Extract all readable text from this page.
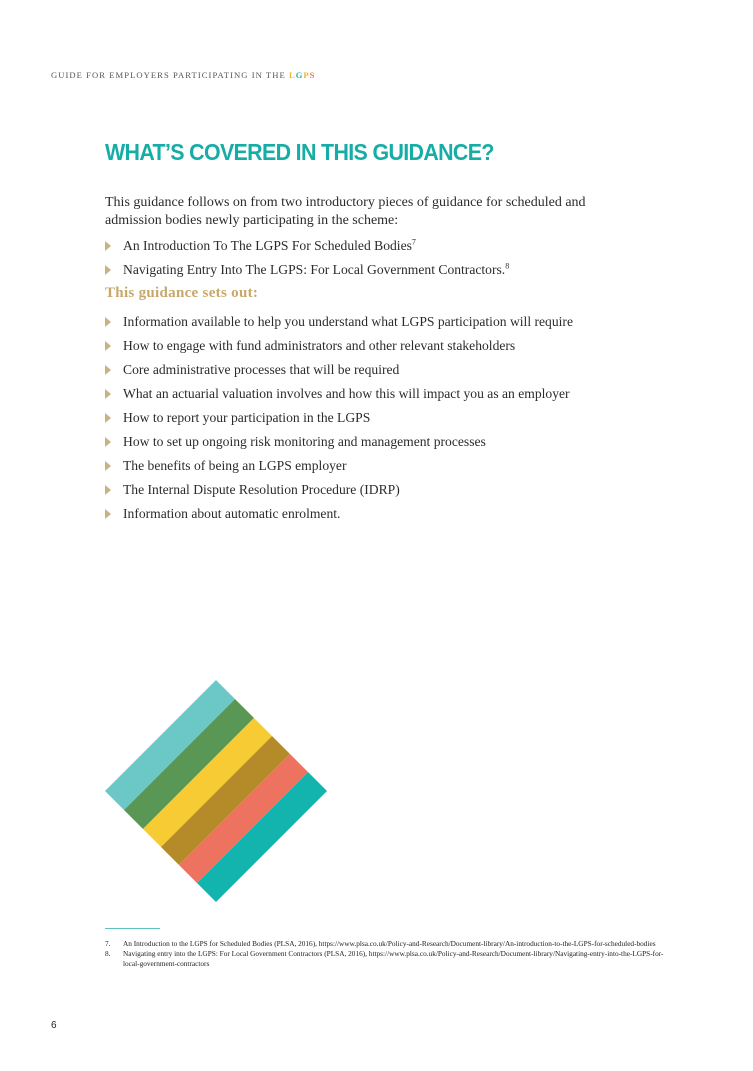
GUIDE FOR EMPLOYERS PARTICIPATING IN THE LGPS
WHAT’S COVERED IN THIS GUIDANCE?

This guidance follows on from two introductory pieces of guidance for scheduled and admission bodies newly participating in the scheme:

An Introduction To The LGPS For Scheduled Bodies$^7$
Navigating Entry Into The LGPS: For Local Government Contractors.$^8$
This guidance sets out:
Information available to help you understand what LGPS participation will require
How to engage with fund administrators and other relevant stakeholders
Core administrative processes that will be required
What an actuarial valuation involves and how this will impact you as an employer
How to report your participation in the LGPS
How to set up ongoing risk monitoring and management processes
The benefits of being an LGPS employer
The Internal Dispute Resolution Procedure (IDRP)
Information about automatic enrolment.
7. An Introduction to the LGPS for Scheduled Bodies (PLSA, 2016), https://www.plsa.co.uk/Policy-and-Research/Document-library/An-introduction-to-the-LGPS-for-scheduled-bodies
8. Navigating entry into the LGPS: For Local Government Contractors (PLSA, 2016), https://www.plsa.co.uk/Policy-and-Research/Document-library/Navigating-entry-into-the-LGPS-for-local-government-contractors
6
